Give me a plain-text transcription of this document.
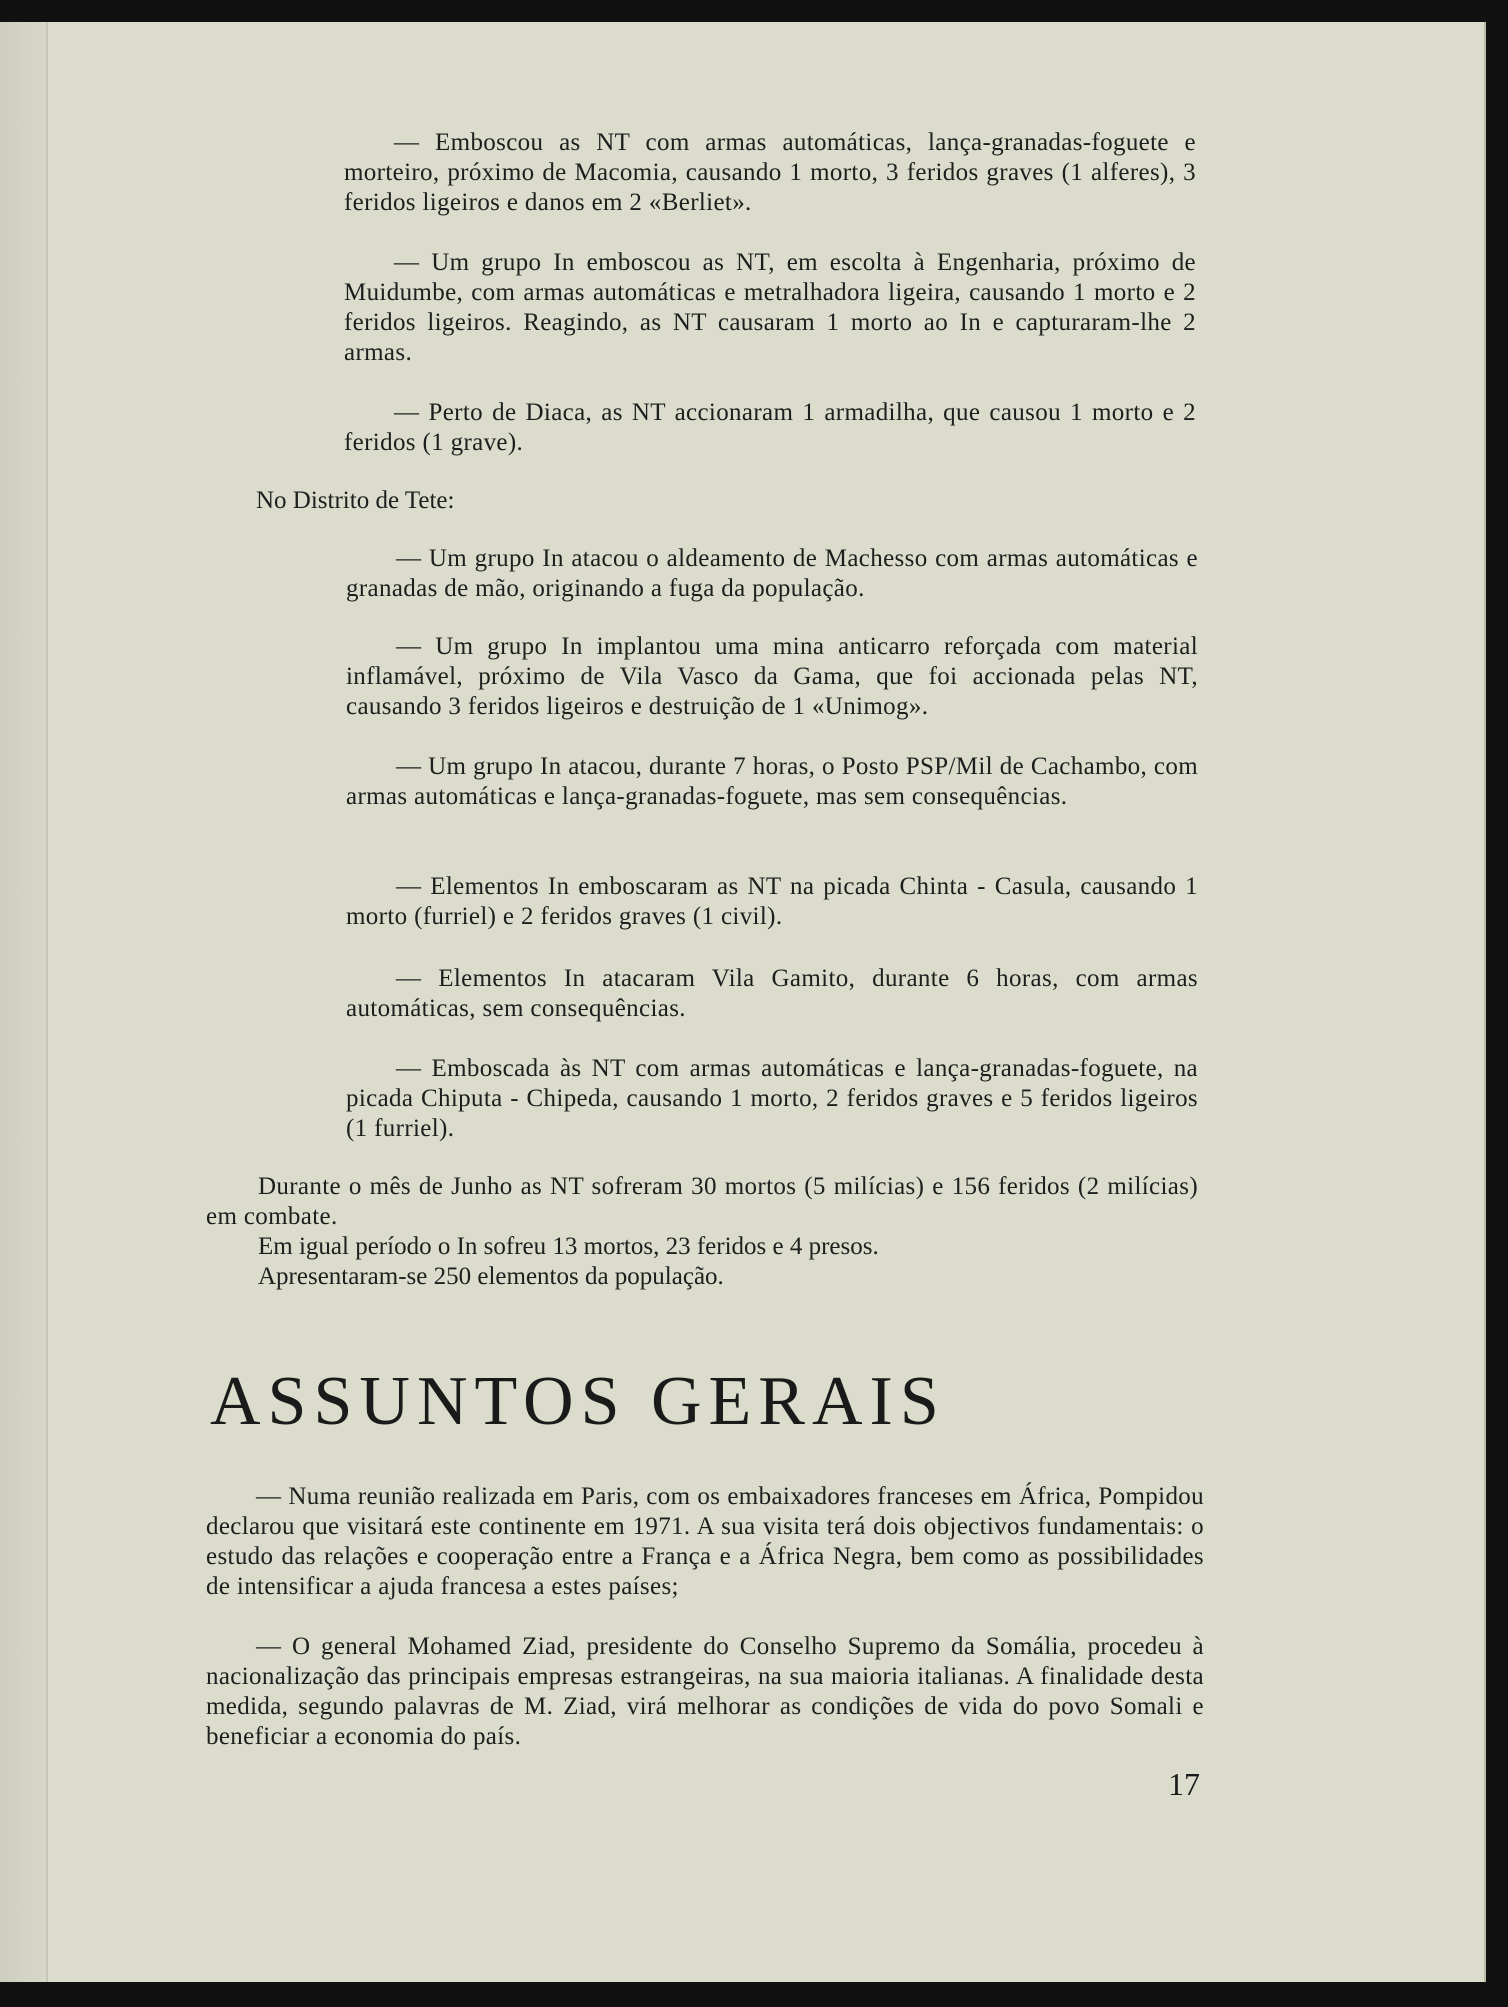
— Emboscou as NT com armas automáticas, lança-granadas-foguete e morteiro, próximo de Macomia, causando 1 morto, 3 feridos graves (1 alferes), 3 feridos ligeiros e danos em 2 «Berliet».

— Um grupo In emboscou as NT, em escolta à Engenharia, próximo de Muidumbe, com armas automáticas e metralhadora ligeira, causando 1 morto e 2 feridos ligeiros. Reagindo, as NT causaram 1 morto ao In e capturaram-lhe 2 armas.

— Perto de Diaca, as NT accionaram 1 armadilha, que causou 1 morto e 2 feridos (1 grave).

No Distrito de Tete:

— Um grupo In atacou o aldeamento de Machesso com armas automáticas e granadas de mão, originando a fuga da população.

— Um grupo In implantou uma mina anticarro reforçada com material inflamável, próximo de Vila Vasco da Gama, que foi accionada pelas NT, causando 3 feridos ligeiros e destruição de 1 «Unimog».

— Um grupo In atacou, durante 7 horas, o Posto PSP/Mil de Cachambo, com armas automáticas e lança-granadas-foguete, mas sem consequências.

— Elementos In emboscaram as NT na picada Chinta - Casula, causando 1 morto (furriel) e 2 feridos graves (1 civil).

— Elementos In atacaram Vila Gamito, durante 6 horas, com armas automáticas, sem consequências.

— Emboscada às NT com armas automáticas e lança-granadas-foguete, na picada Chiputa - Chipeda, causando 1 morto, 2 feridos graves e 5 feridos ligeiros (1 furriel).

Durante o mês de Junho as NT sofreram 30 mortos (5 milícias) e 156 feridos (2 milícias) em combate.

Em igual período o In sofreu 13 mortos, 23 feridos e 4 presos.

Apresentaram-se 250 elementos da população.

ASSUNTOS GERAIS

— Numa reunião realizada em Paris, com os embaixadores franceses em África, Pompidou declarou que visitará este continente em 1971. A sua visita terá dois objectivos fundamentais: o estudo das relações e cooperação entre a França e a África Negra, bem como as possibilidades de intensificar a ajuda francesa a estes países;

— O general Mohamed Ziad, presidente do Conselho Supremo da Somália, procedeu à nacionalização das principais empresas estrangeiras, na sua maioria italianas. A finalidade desta medida, segundo palavras de M. Ziad, virá melhorar as condições de vida do povo Somali e beneficiar a economia do país.

17
